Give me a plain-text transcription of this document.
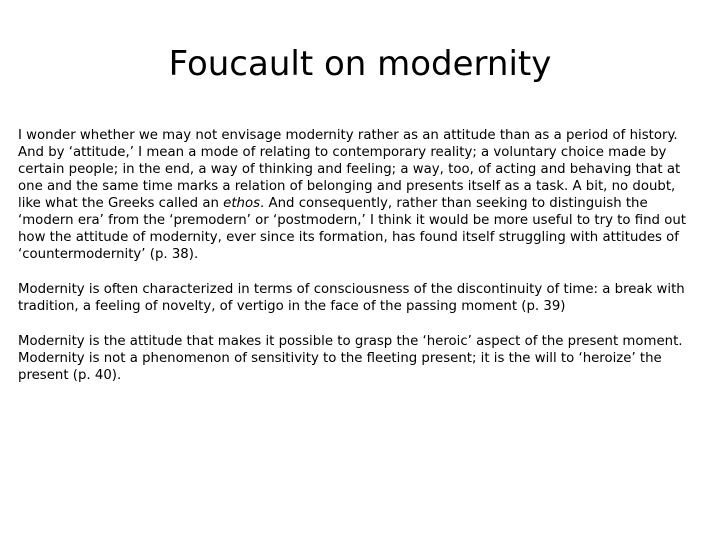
Foucault on modernity

I wonder whether we may not envisage modernity rather as an attitude than as a period of history. And by ‘attitude,’ I mean a mode of relating to contemporary reality; a voluntary choice made by certain people; in the end, a way of thinking and feeling; a way, too, of acting and behaving that at one and the same time marks a relation of belonging and presents itself as a task. A bit, no doubt, like what the Greeks called an ethos. And consequently, rather than seeking to distinguish the ‘modern era’ from the ‘premodern’ or ‘postmodern,’ I think it would be more useful to try to find out how the attitude of modernity, ever since its formation, has found itself struggling with attitudes of ‘countermodernity’ (p. 38).

Modernity is often characterized in terms of consciousness of the discontinuity of time: a break with tradition, a feeling of novelty, of vertigo in the face of the passing moment (p. 39)

Modernity is the attitude that makes it possible to grasp the ‘heroic’ aspect of the present moment. Modernity is not a phenomenon of sensitivity to the fleeting present; it is the will to ‘heroize’ the present (p. 40).
